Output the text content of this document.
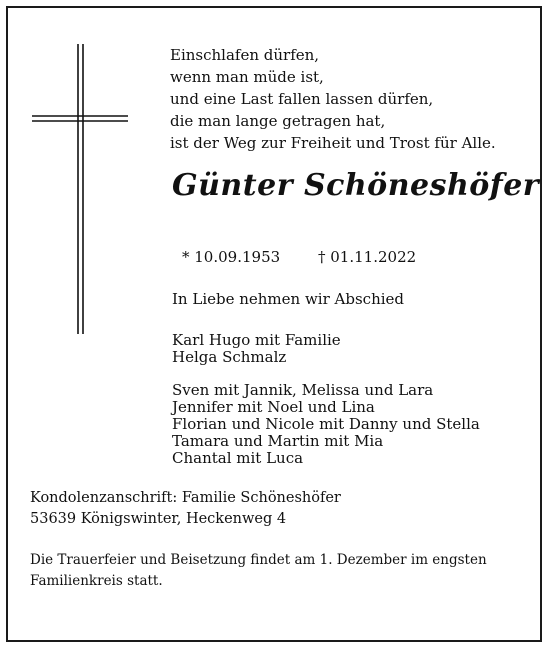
Einschlafen dürfen,
wenn man müde ist,
und eine Last fallen lassen dürfen,
die man lange getragen hat,
ist der Weg zur Freiheit und Trost für Alle.
Günter Schöneshöfer
* 10.09.1953	† 01.11.2022
In Liebe nehmen wir Abschied
Karl Hugo mit Familie
Helga Schmalz
Sven mit Jannik, Melissa und Lara
Jennifer mit Noel und Lina
Florian und Nicole mit Danny und Stella
Tamara und Martin mit Mia
Chantal mit Luca
Kondolenzanschrift: Familie Schöneshöfer
53639 Königswinter, Heckenweg 4
Die Trauerfeier und Beisetzung findet am 1. Dezember im engsten
Familienkreis statt.
